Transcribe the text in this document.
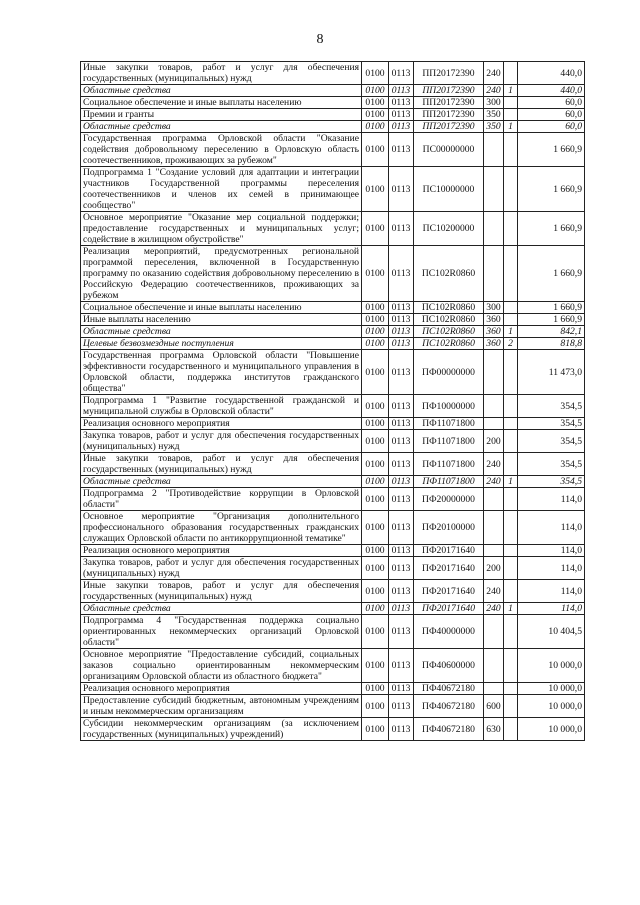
8
Иные закупки товаров, работ и услуг для обеспечения государственных (муниципальных) нужд	0100	0113	ПП20172390	240		440,0
Областные средства	0100	0113	ПП20172390	240	1	440,0
Социальное обеспечение и иные выплаты населению	0100	0113	ПП20172390	300		60,0
Премии и гранты	0100	0113	ПП20172390	350		60,0
Областные средства	0100	0113	ПП20172390	350	1	60,0
Государственная программа Орловской области "Оказание содействия добровольному переселению в Орловскую область соотечественников, проживающих за рубежом"	0100	0113	ПС00000000			1 660,9
Подпрограмма 1 "Создание условий для адаптации и интеграции участников Государственной программы переселения соотечественников и членов их семей в принимающее сообщество"	0100	0113	ПС10000000			1 660,9
Основное мероприятие "Оказание мер социальной поддержки; предоставление государственных и муниципальных услуг; содействие в жилищном обустройстве"	0100	0113	ПС10200000			1 660,9
Реализация мероприятий, предусмотренных региональной программой переселения, включенной в Государственную программу по оказанию содействия добровольному переселению в Российскую Федерацию соотечественников, проживающих за рубежом	0100	0113	ПС102R0860			1 660,9
Социальное обеспечение и иные выплаты населению	0100	0113	ПС102R0860	300		1 660,9
Иные выплаты населению	0100	0113	ПС102R0860	360		1 660,9
Областные средства	0100	0113	ПС102R0860	360	1	842,1
Целевые безвозмездные поступления	0100	0113	ПС102R0860	360	2	818,8
Государственная программа Орловской области "Повышение эффективности государственного и муниципального управления в Орловской области, поддержка институтов гражданского общества"	0100	0113	ПФ00000000			11 473,0
Подпрограмма 1 "Развитие государственной гражданской и муниципальной службы в Орловской области"	0100	0113	ПФ10000000			354,5
Реализация основного мероприятия	0100	0113	ПФ11071800			354,5
Закупка товаров, работ и услуг для обеспечения государственных (муниципальных) нужд	0100	0113	ПФ11071800	200		354,5
Иные закупки товаров, работ и услуг для обеспечения государственных (муниципальных) нужд	0100	0113	ПФ11071800	240		354,5
Областные средства	0100	0113	ПФ11071800	240	1	354,5
Подпрограмма 2 "Противодействие коррупции в Орловской области"	0100	0113	ПФ20000000			114,0
Основное мероприятие "Организация дополнительного профессионального образования государственных гражданских служащих Орловской области по антикоррупционной тематике"	0100	0113	ПФ20100000			114,0
Реализация основного мероприятия	0100	0113	ПФ20171640			114,0
Закупка товаров, работ и услуг для обеспечения государственных (муниципальных) нужд	0100	0113	ПФ20171640	200		114,0
Иные закупки товаров, работ и услуг для обеспечения государственных (муниципальных) нужд	0100	0113	ПФ20171640	240		114,0
Областные средства	0100	0113	ПФ20171640	240	1	114,0
Подпрограмма 4 "Государственная поддержка социально ориентированных некоммерческих организаций Орловской области"	0100	0113	ПФ40000000			10 404,5
Основное мероприятие "Предоставление субсидий, социальных заказов социально ориентированным некоммерческим организациям Орловской области из областного бюджета"	0100	0113	ПФ40600000			10 000,0
Реализация основного мероприятия	0100	0113	ПФ40672180			10 000,0
Предоставление субсидий бюджетным, автономным учреждениям и иным некоммерческим организациям	0100	0113	ПФ40672180	600		10 000,0
Субсидии некоммерческим организациям (за исключением государственных (муниципальных) учреждений)	0100	0113	ПФ40672180	630		10 000,0
